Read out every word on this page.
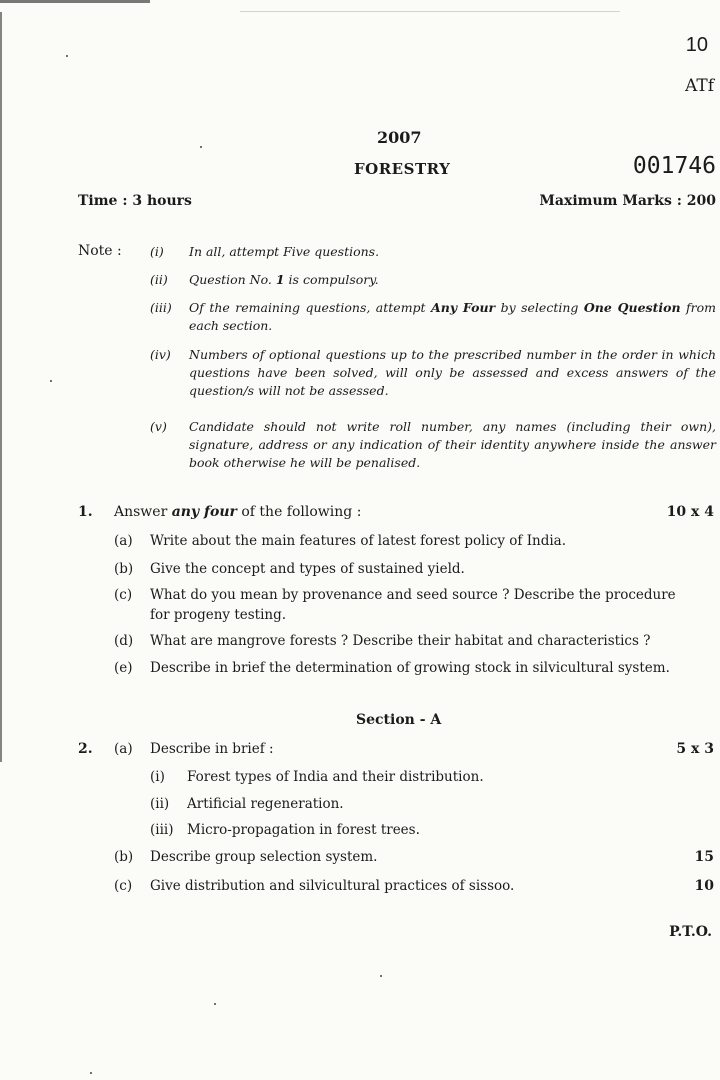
10
ATf
2007
FORESTRY	001746
Time : 3 hours	Maximum Marks : 200
Note : (i)	In all, attempt Five questions.
(ii)	Question No. 1 is compulsory.
(iii)	Of the remaining questions, attempt Any Four by selecting One Question from each section.
(iv)	Numbers of optional questions up to the prescribed number in the order in which questions have been solved, will only be assessed and excess answers of the question/s will not be assessed.
(v)	Candidate should not write roll number, any names (including their own), signature, address or any indication of their identity anywhere inside the answer book otherwise he will be penalised.
1. Answer any four of the following :	10 x 4
(a) Write about the main features of latest forest policy of India.
(b) Give the concept and types of sustained yield.
(c) What do you mean by provenance and seed source ? Describe the procedure for progeny testing.
(d) What are mangrove forests ? Describe their habitat and characteristics ?
(e) Describe in brief the determination of growing stock in silvicultural system.
Section - A
2. (a) Describe in brief :	5 x 3
(i) Forest types of India and their distribution.
(ii) Artificial regeneration.
(iii) Micro-propagation in forest trees.
(b) Describe group selection system.	15
(c) Give distribution and silvicultural practices of sissoo.	10
P.T.O.
